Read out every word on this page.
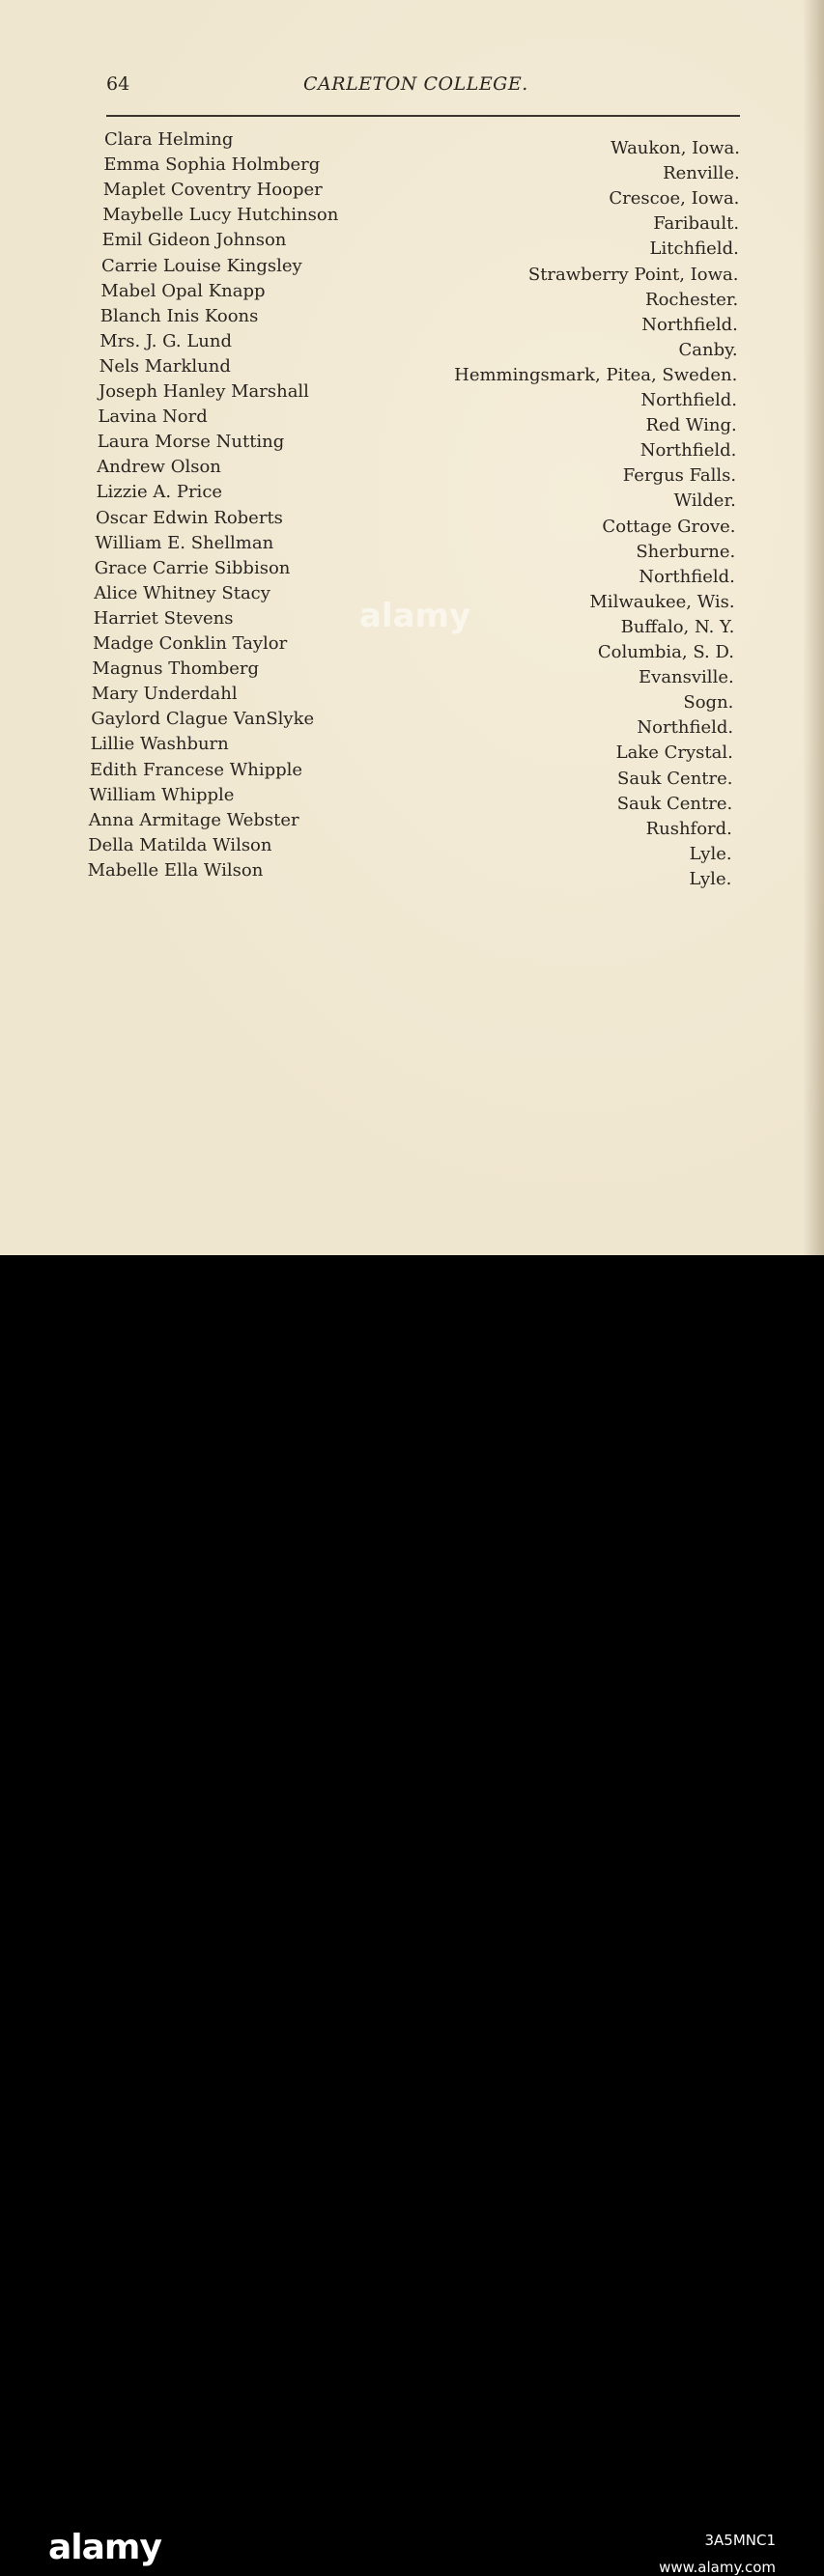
64	CARLETON COLLEGE.
Clara Helming	Waukon, Iowa.
Emma Sophia Holmberg	Renville.
Maplet Coventry Hooper	Crescoe, Iowa.
Maybelle Lucy Hutchinson	Faribault.
Emil Gideon Johnson	Litchfield.
Carrie Louise Kingsley	Strawberry Point, Iowa.
Mabel Opal Knapp	Rochester.
Blanch Inis Koons	Northfield.
Mrs. J. G. Lund	Canby.
Nels Marklund	Hemmingsmark, Pitea, Sweden.
Joseph Hanley Marshall	Northfield.
Lavina Nord	Red Wing.
Laura Morse Nutting	Northfield.
Andrew Olson	Fergus Falls.
Lizzie A. Price	Wilder.
Oscar Edwin Roberts	Cottage Grove.
William E. Shellman	Sherburne.
Grace Carrie Sibbison	Northfield.
Alice Whitney Stacy	Milwaukee, Wis.
Harriet Stevens	Buffalo, N. Y.
Madge Conklin Taylor	Columbia, S. D.
Magnus Thomberg	Evansville.
Mary Underdahl	Sogn.
Gaylord Clague VanSlyke	Northfield.
Lillie Washburn	Lake Crystal.
Edith Francese Whipple	Sauk Centre.
William Whipple	Sauk Centre.
Anna Armitage Webster	Rushford.
Della Matilda Wilson	Lyle.
Mabelle Ella Wilson	Lyle.
alamy
alamy	3A5MNC1
www.alamy.com
